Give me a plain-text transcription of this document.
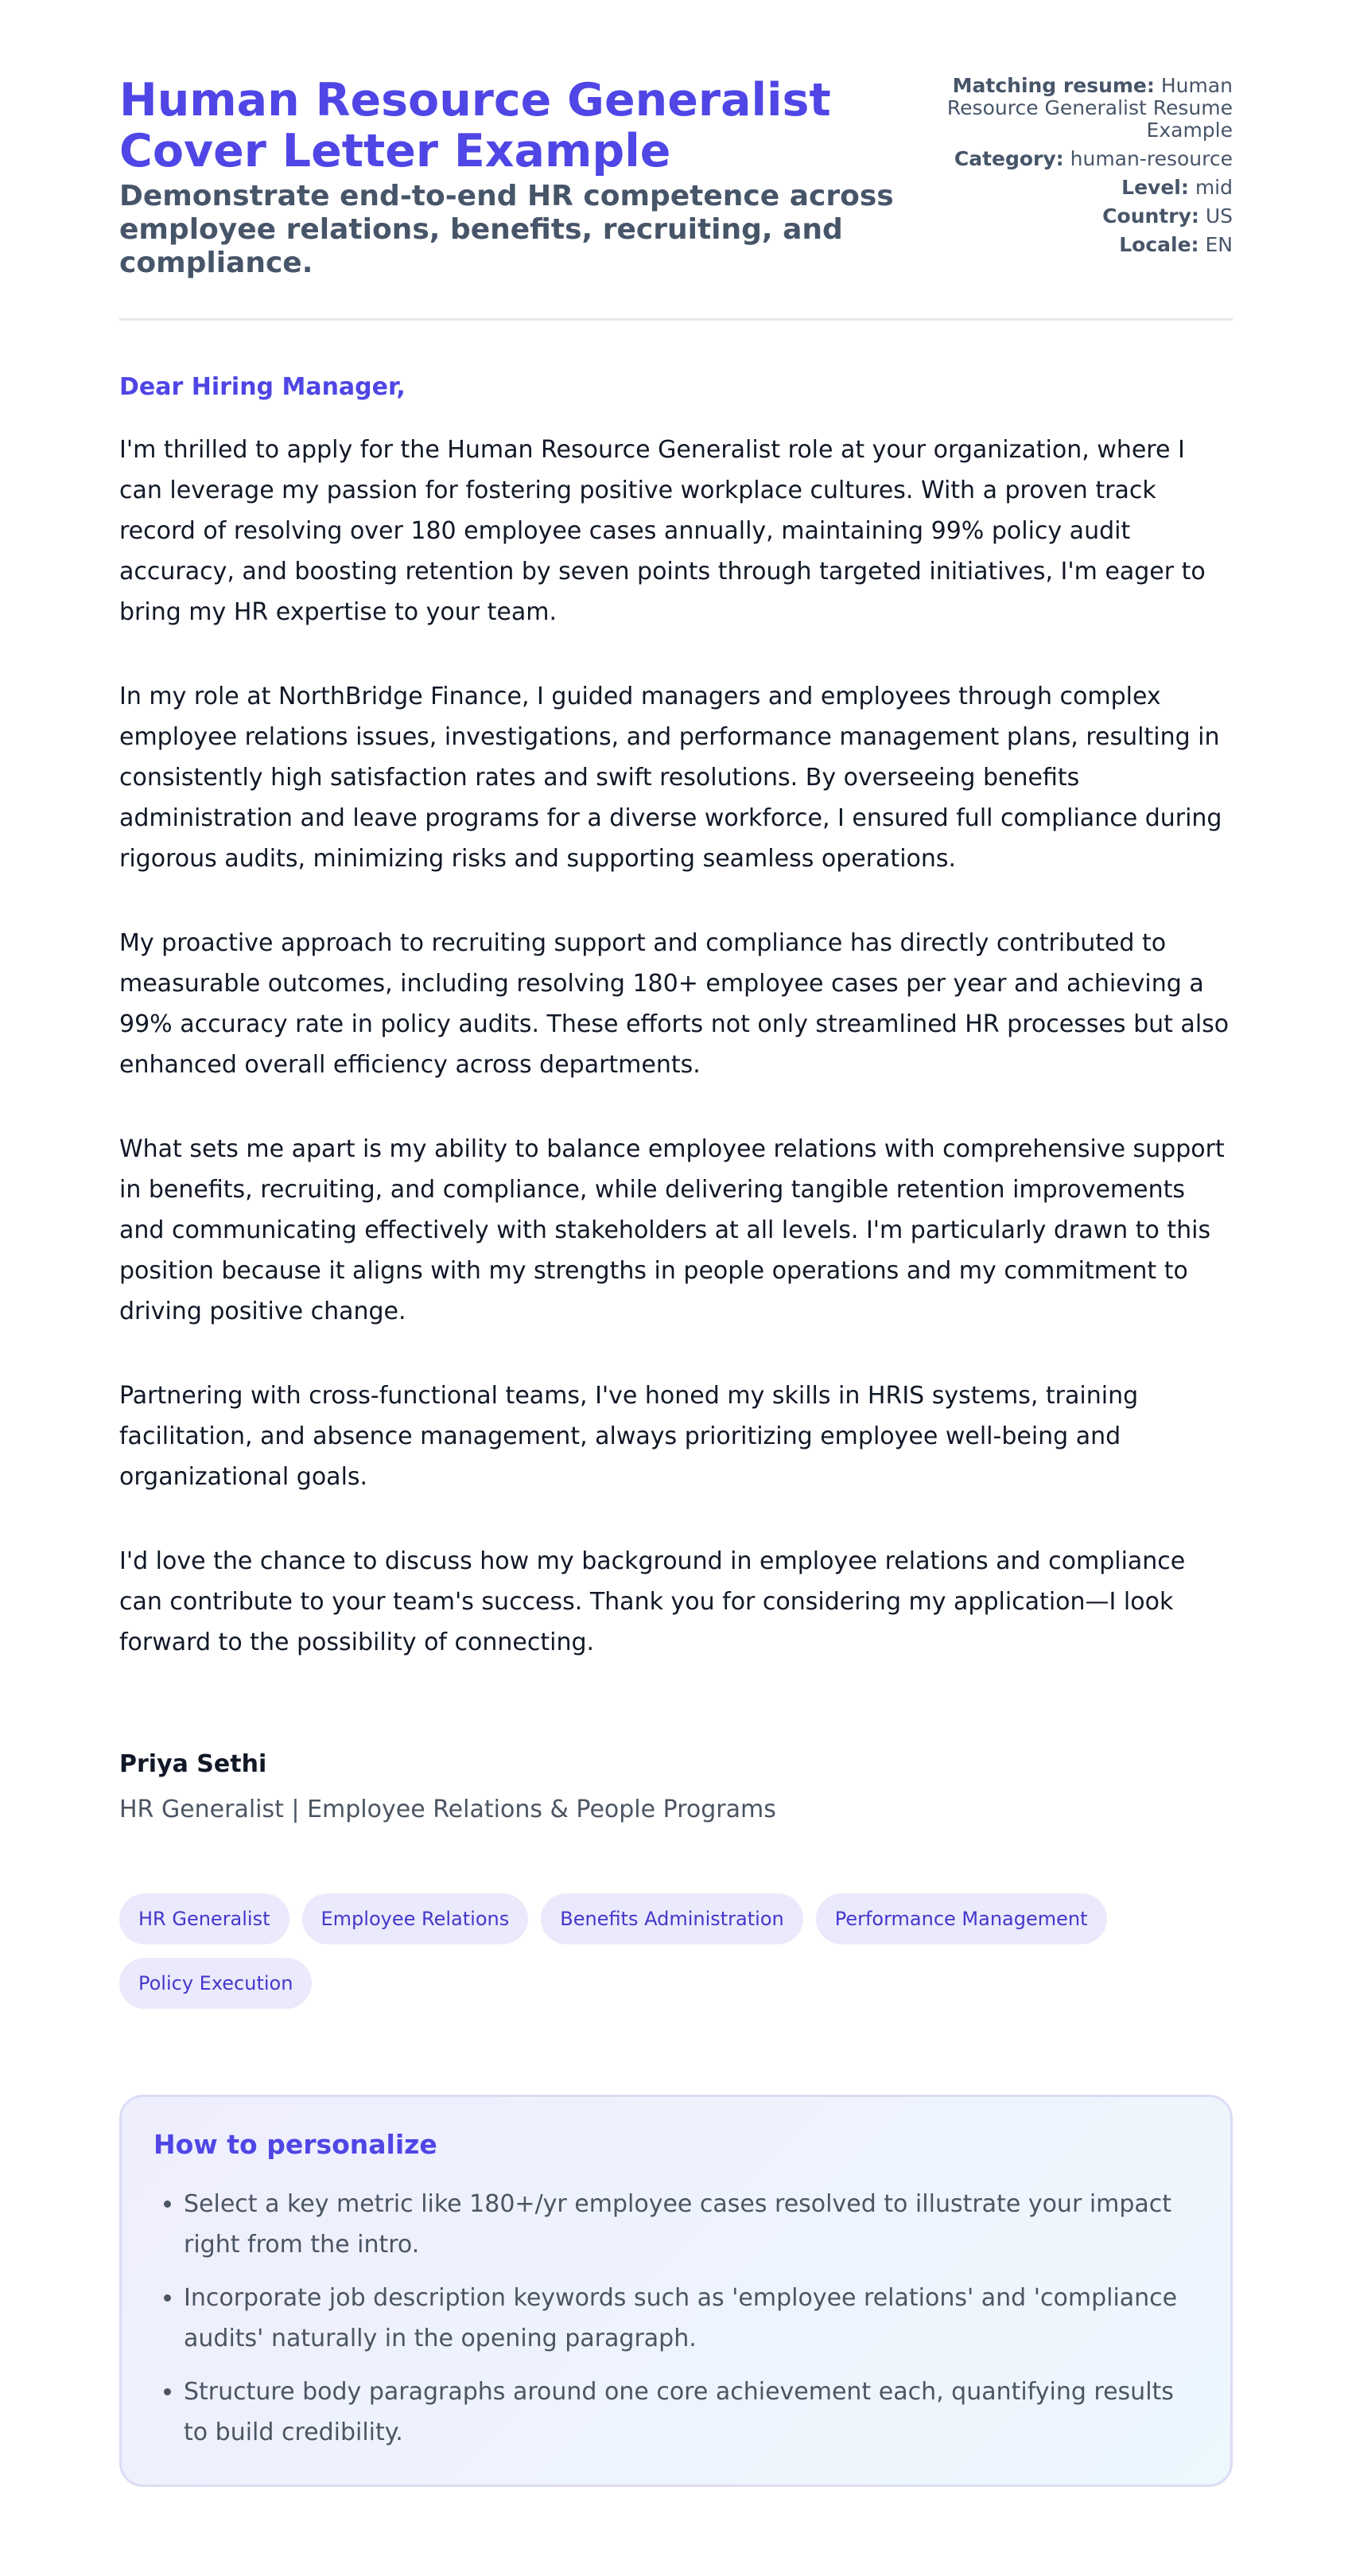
Human Resource Generalist Cover Letter Example
Demonstrate end-to-end HR competence across employee relations, benefits, recruiting, and compliance.
Matching resume: Human Resource Generalist Resume Example
Category: human-resource
Level: mid
Country: US
Locale: EN

Dear Hiring Manager,

I'm thrilled to apply for the Human Resource Generalist role at your organization, where I can leverage my passion for fostering positive workplace cultures. With a proven track record of resolving over 180 employee cases annually, maintaining 99% policy audit accuracy, and boosting retention by seven points through targeted initiatives, I'm eager to bring my HR expertise to your team.

In my role at NorthBridge Finance, I guided managers and employees through complex employee relations issues, investigations, and performance management plans, resulting in consistently high satisfaction rates and swift resolutions. By overseeing benefits administration and leave programs for a diverse workforce, I ensured full compliance during rigorous audits, minimizing risks and supporting seamless operations.

My proactive approach to recruiting support and compliance has directly contributed to measurable outcomes, including resolving 180+ employee cases per year and achieving a 99% accuracy rate in policy audits. These efforts not only streamlined HR processes but also enhanced overall efficiency across departments.

What sets me apart is my ability to balance employee relations with comprehensive support in benefits, recruiting, and compliance, while delivering tangible retention improvements and communicating effectively with stakeholders at all levels. I'm particularly drawn to this position because it aligns with my strengths in people operations and my commitment to driving positive change.

Partnering with cross-functional teams, I've honed my skills in HRIS systems, training facilitation, and absence management, always prioritizing employee well-being and organizational goals.

I'd love the chance to discuss how my background in employee relations and compliance can contribute to your team's success. Thank you for considering my application—I look forward to the possibility of connecting.

Priya Sethi
HR Generalist | Employee Relations & People Programs
HR Generalist	Employee Relations	Benefits Administration	Performance Management
Policy Execution
How to personalize
• Select a key metric like 180+/yr employee cases resolved to illustrate your impact right from the intro.
• Incorporate job description keywords such as 'employee relations' and 'compliance audits' naturally in the opening paragraph.
• Structure body paragraphs around one core achievement each, quantifying results to build credibility.
